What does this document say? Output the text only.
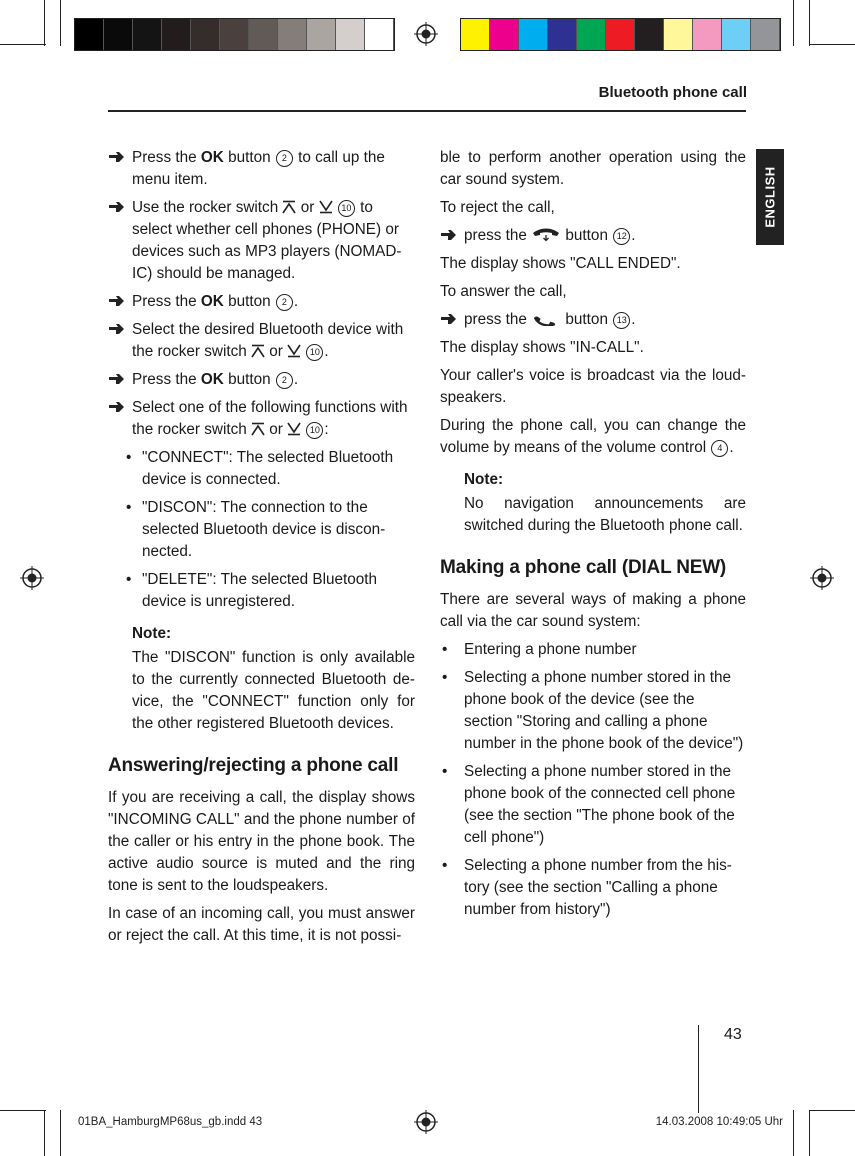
Bluetooth phone call
ENGLISH
Press the OK button 2 to call up the menu item.
Use the rocker switch  or	10 to select whether cell phones (PHONE) or devices such as MP3 players (NOMAD-IC) should be managed.
Press the OK button 2 .
Select the desired Bluetooth device with the rocker switch  or	10 .
Press the OK button 2 .
Select one of the following functions with the rocker switch  or	10 :
• "CONNECT": The selected Bluetooth device is connected.
• "DISCON": The connection to the selected Bluetooth device is discon-nected.
• "DELETE": The selected Bluetooth device is unregistered.
Note:

The "DISCON" function is only available to the currently connected Bluetooth de-vice, the "CONNECT" function only for the other registered Bluetooth devices.

Answering/rejecting a phone call

If you are receiving a call, the display shows "INCOMING CALL" and the phone number of the caller or his entry in the phone book. The active audio source is muted and the ring tone is sent to the loudspeakers.

In case of an incoming call, you must answer or reject the call. At this time, it is not possi-

ble to perform another operation using the car sound system.

To reject the call,

press the  button 12 .

The display shows "CALL ENDED".

To answer the call,

press the  button 13 .

The display shows "IN-CALL".

Your caller's voice is broadcast via the loud-speakers.

During the phone call, you can change the volume by means of the volume control 4 .

Note:

No navigation announcements are switched during the Bluetooth phone call.

Making a phone call (DIAL NEW)

There are several ways of making a phone call via the car sound system:

• Entering a phone number
• Selecting a phone number stored in the phone book of the device (see the section "Storing and calling a phone number in the phone book of the device")
• Selecting a phone number stored in the phone book of the connected cell phone (see the section "The phone book of the cell phone")
• Selecting a phone number from the his-tory (see the section "Calling a phone number from history")
43
01BA_HamburgMP68us_gb.indd 43	14.03.2008 10:49:05 Uhr
